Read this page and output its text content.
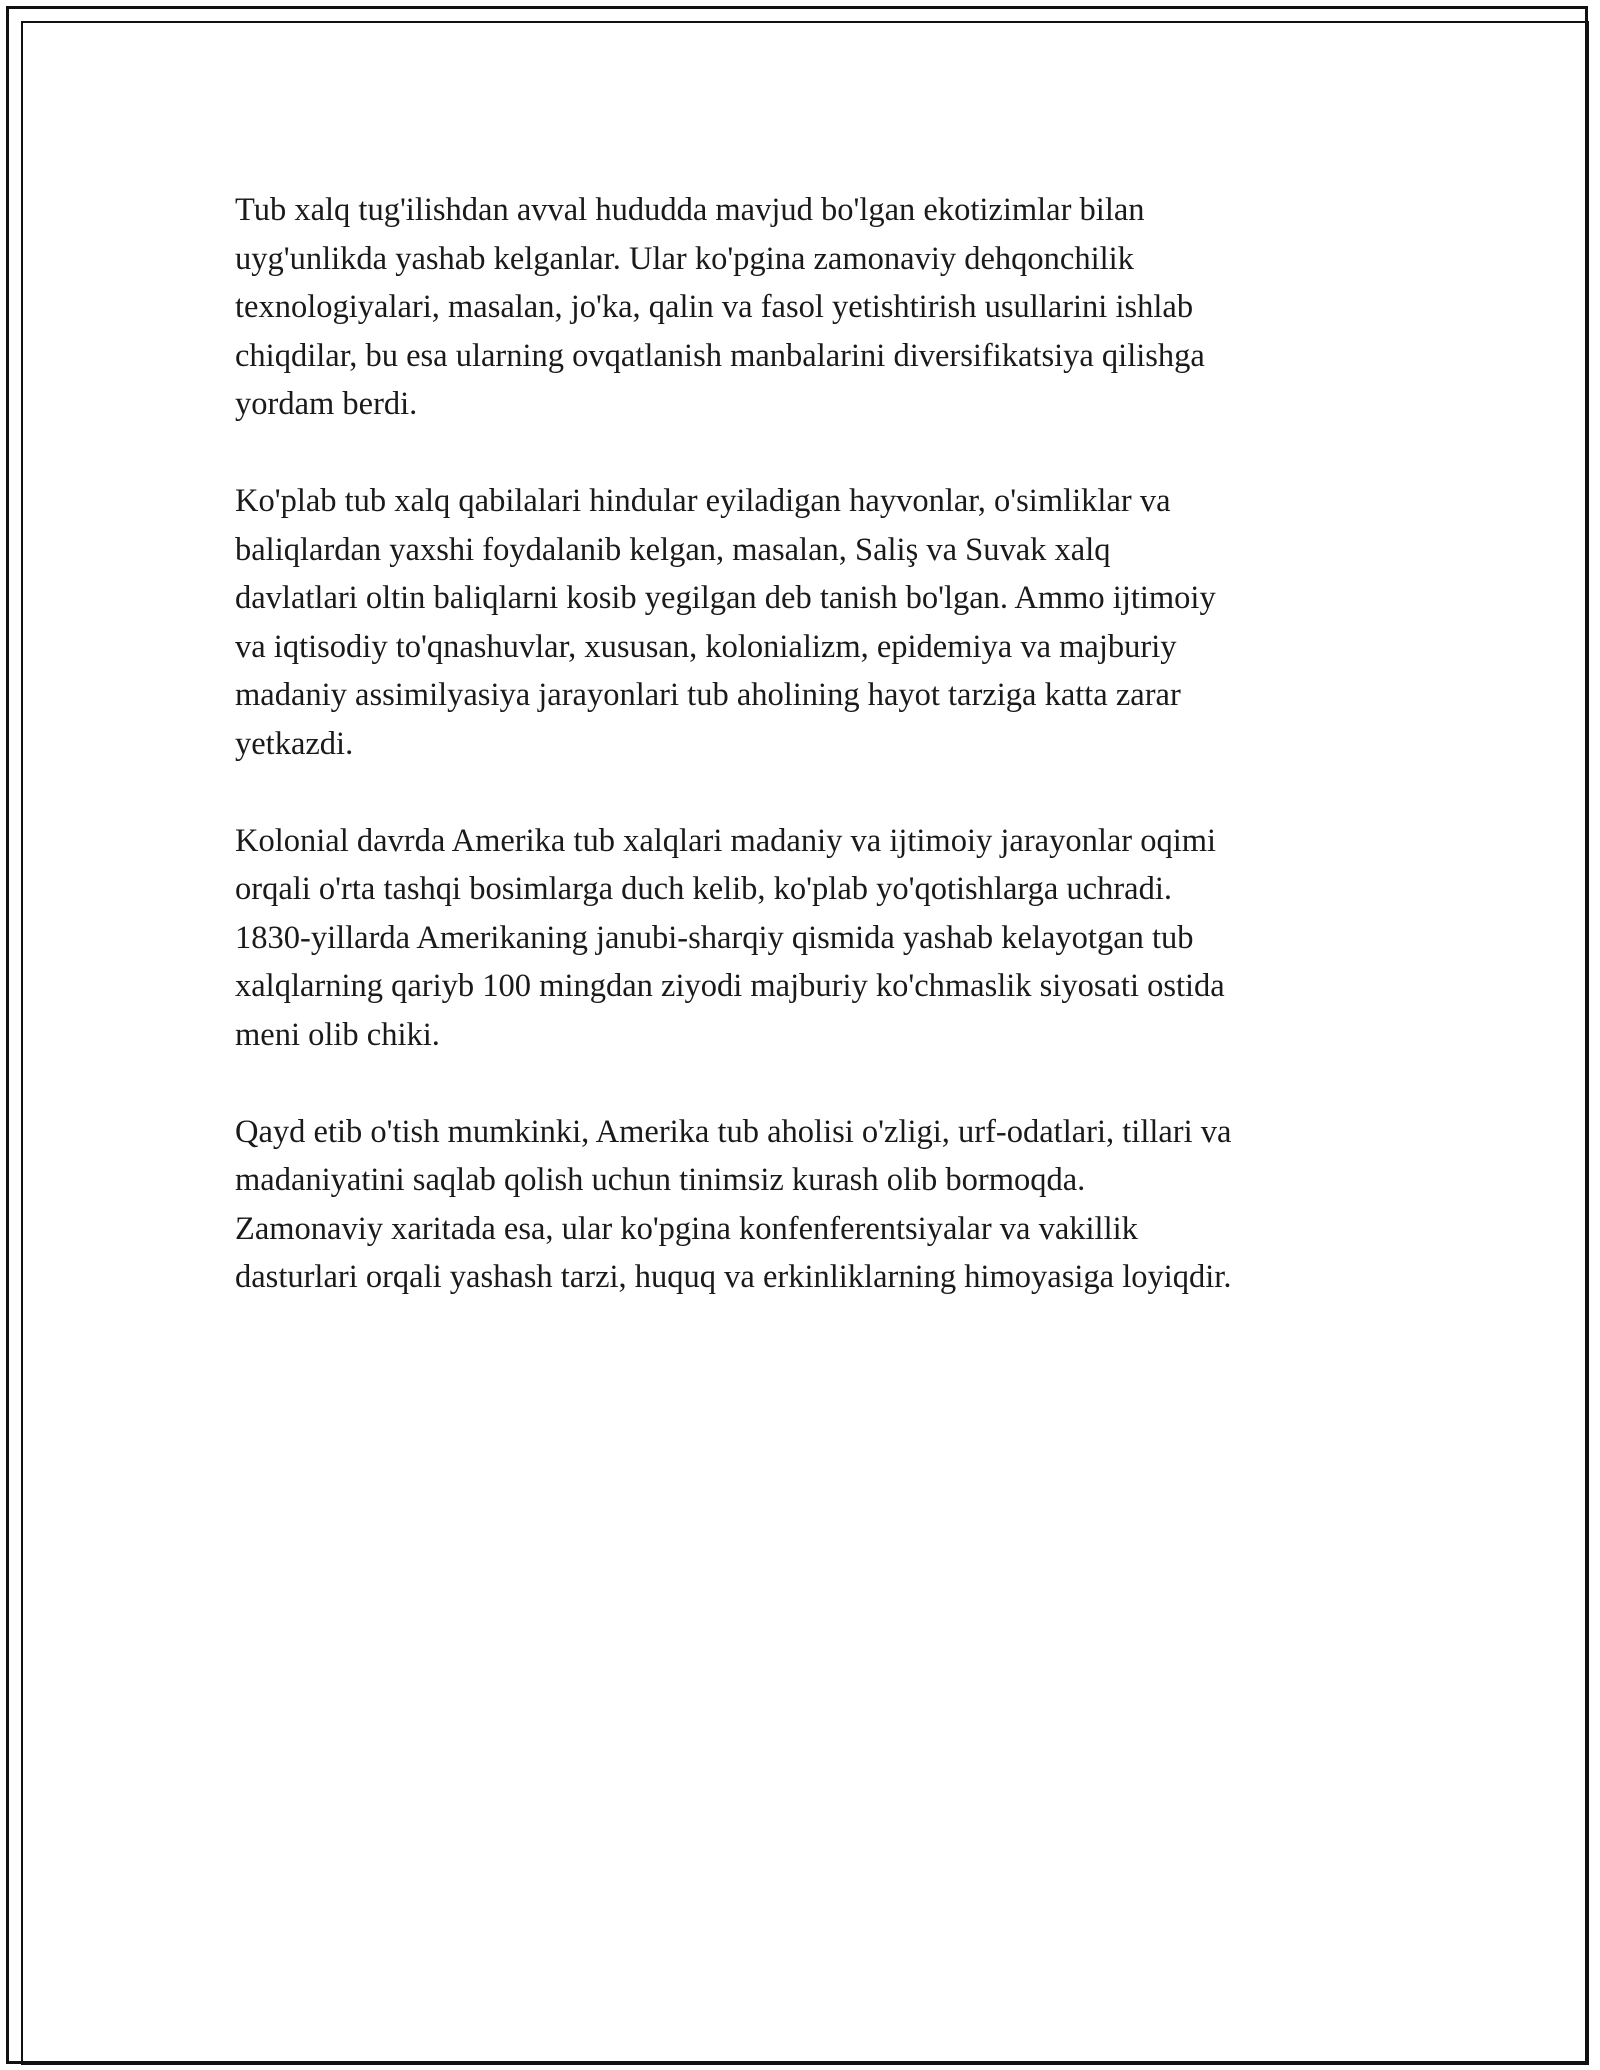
Tub xalq tug'ilishdan avval hududda mavjud bo'lgan ekotizimlar bilan
uyg'unlikda yashab kelganlar. Ular ko'pgina zamonaviy dehqonchilik
texnologiyalari, masalan, jo'ka, qalin va fasol yetishtirish usullarini ishlab
chiqdilar, bu esa ularning ovqatlanish manbalarini diversifikatsiya qilishga
yordam berdi.

Ko'plab tub xalq qabilalari hindular eyiladigan hayvonlar, o'simliklar va
baliqlardan yaxshi foydalanib kelgan, masalan, Saliş va Suvak xalq
davlatlari oltin baliqlarni kosib yegilgan deb tanish bo'lgan. Ammo ijtimoiy
va iqtisodiy to'qnashuvlar, xususan, kolonializm, epidemiya va majburiy
madaniy assimilyasiya jarayonlari tub aholining hayot tarziga katta zarar
yetkazdi.

Kolonial davrda Amerika tub xalqlari madaniy va ijtimoiy jarayonlar oqimi
orqali o'rta tashqi bosimlarga duch kelib, ko'plab yo'qotishlarga uchradi.
1830-yillarda Amerikaning janubi-sharqiy qismida yashab kelayotgan tub
xalqlarning qariyb 100 mingdan ziyodi majburiy ko'chmaslik siyosati ostida
meni olib chiki.

Qayd etib o'tish mumkinki, Amerika tub aholisi o'zligi, urf-odatlari, tillari va
madaniyatini saqlab qolish uchun tinimsiz kurash olib bormoqda.
Zamonaviy xaritada esa, ular ko'pgina konfenferentsiyalar va vakillik
dasturlari orqali yashash tarzi, huquq va erkinliklarning himoyasiga loyiqdir.
